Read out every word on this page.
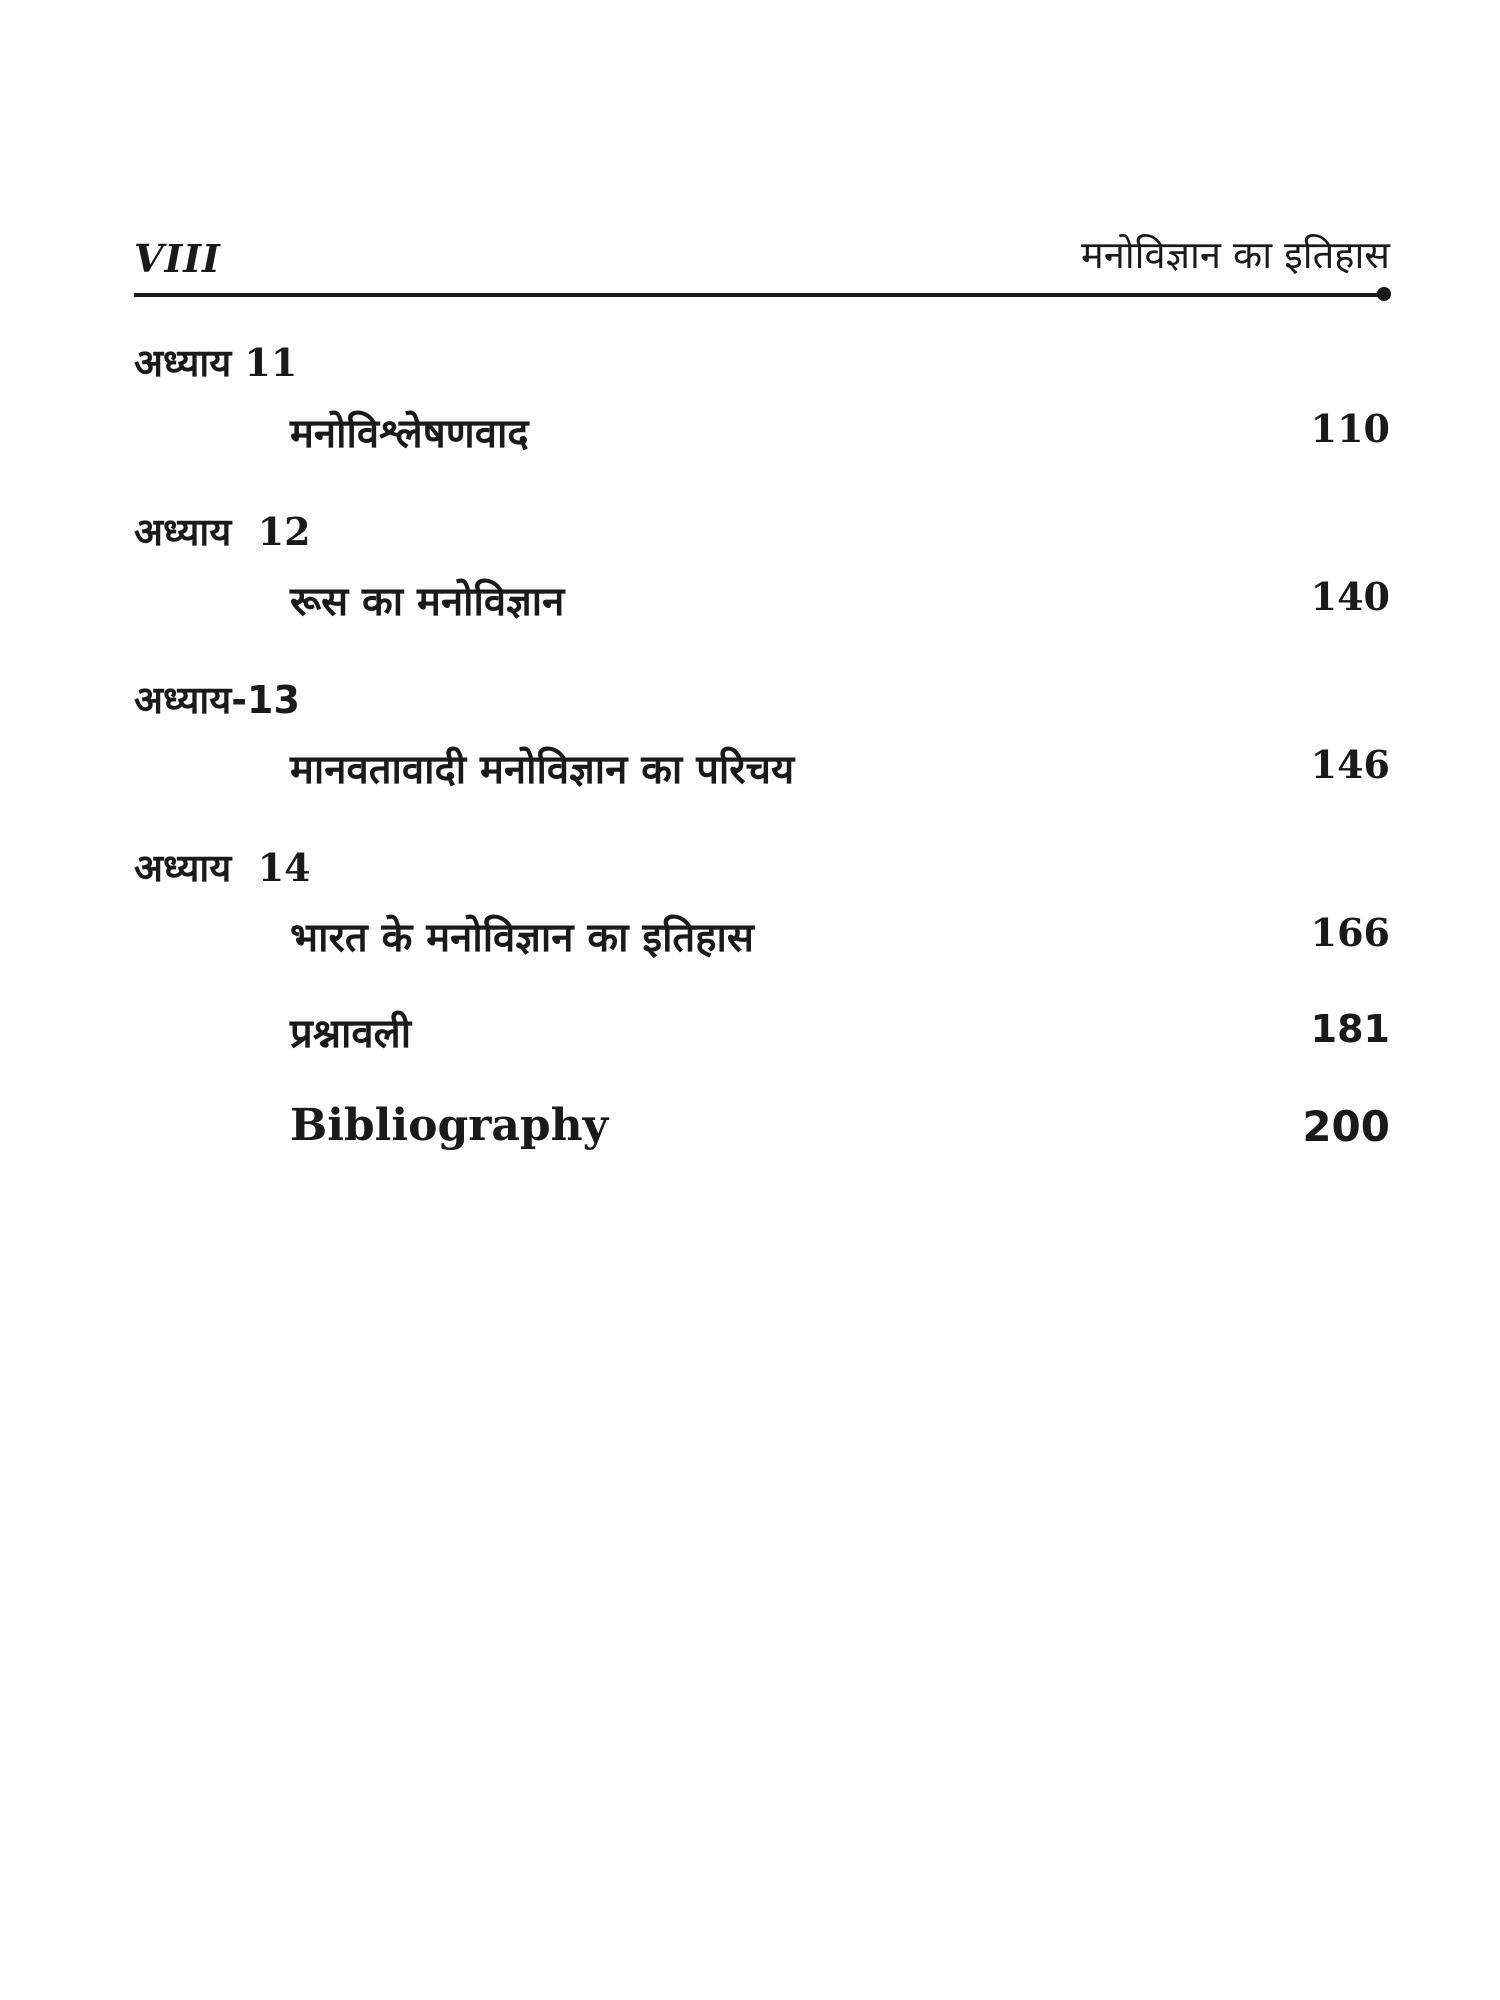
VIII	मनोविज्ञान का इतिहास
अध्याय 11
मनोविश्लेषणवाद	110
अध्याय 12
रूस का मनोविज्ञान	140
अध्याय-13
मानवतावादी मनोविज्ञान का परिचय	146
अध्याय 14
भारत के मनोविज्ञान का इतिहास	166
प्रश्नावली	181
Bibliography	200
